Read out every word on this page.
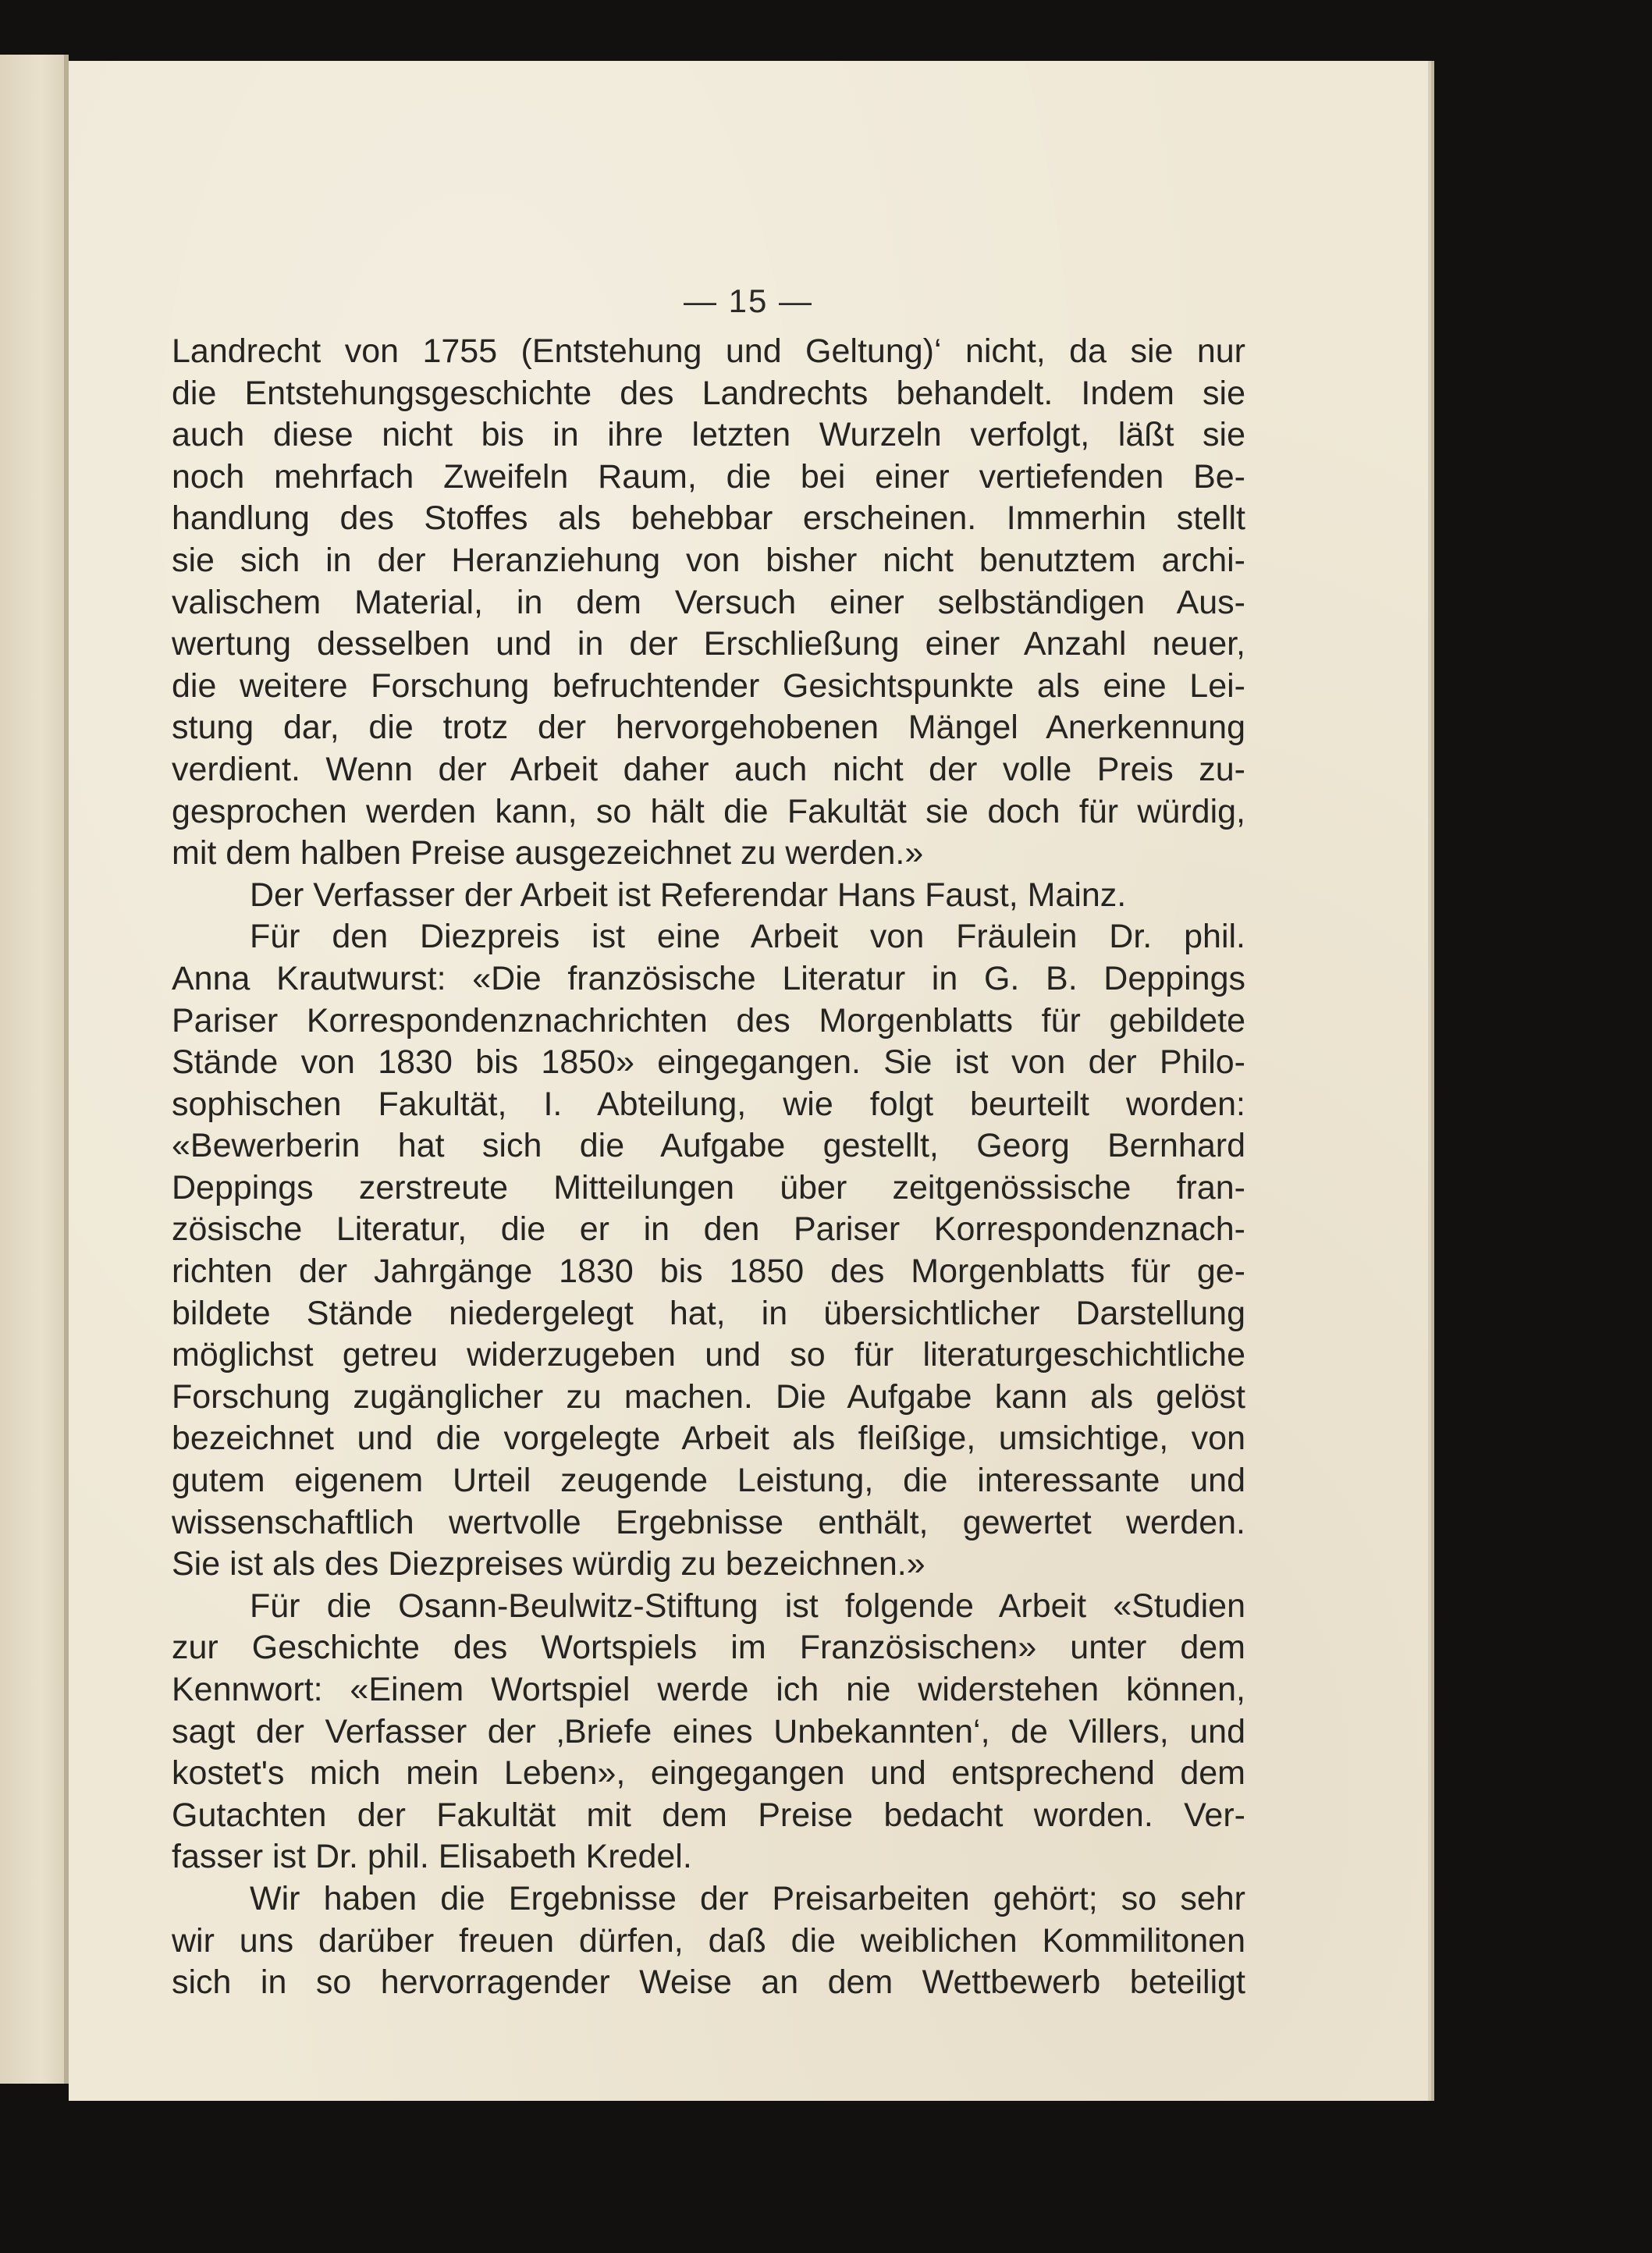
— 15 —

Landrecht von 1755 (Entstehung und Geltung)‘ nicht, da sie nur
die Entstehungsgeschichte des Landrechts behandelt. Indem sie
auch diese nicht bis in ihre letzten Wurzeln verfolgt, läßt sie
noch mehrfach Zweifeln Raum, die bei einer vertiefenden Be-
handlung des Stoffes als behebbar erscheinen. Immerhin stellt
sie sich in der Heranziehung von bisher nicht benutztem archi-
valischem Material, in dem Versuch einer selbständigen Aus-
wertung desselben und in der Erschließung einer Anzahl neuer,
die weitere Forschung befruchtender Gesichtspunkte als eine Lei-
stung dar, die trotz der hervorgehobenen Mängel Anerkennung
verdient. Wenn der Arbeit daher auch nicht der volle Preis zu-
gesprochen werden kann, so hält die Fakultät sie doch für würdig,
mit dem halben Preise ausgezeichnet zu werden.»

Der Verfasser der Arbeit ist Referendar Hans Faust, Mainz.

Für den Diezpreis ist eine Arbeit von Fräulein Dr. phil.
Anna Krautwurst: «Die französische Literatur in G. B. Deppings
Pariser Korrespondenznachrichten des Morgenblatts für gebildete
Stände von 1830 bis 1850» eingegangen. Sie ist von der Philo-
sophischen Fakultät, I. Abteilung, wie folgt beurteilt worden:
«Bewerberin hat sich die Aufgabe gestellt, Georg Bernhard
Deppings zerstreute Mitteilungen über zeitgenössische fran-
zösische Literatur, die er in den Pariser Korrespondenznach-
richten der Jahrgänge 1830 bis 1850 des Morgenblatts für ge-
bildete Stände niedergelegt hat, in übersichtlicher Darstellung
möglichst getreu widerzugeben und so für literaturgeschichtliche
Forschung zugänglicher zu machen. Die Aufgabe kann als gelöst
bezeichnet und die vorgelegte Arbeit als fleißige, umsichtige, von
gutem eigenem Urteil zeugende Leistung, die interessante und
wissenschaftlich wertvolle Ergebnisse enthält, gewertet werden.
Sie ist als des Diezpreises würdig zu bezeichnen.»

Für die Osann-Beulwitz-Stiftung ist folgende Arbeit «Studien
zur Geschichte des Wortspiels im Französischen» unter dem
Kennwort: «Einem Wortspiel werde ich nie widerstehen können,
sagt der Verfasser der ‚Briefe eines Unbekannten‘, de Villers, und
kostet's mich mein Leben», eingegangen und entsprechend dem
Gutachten der Fakultät mit dem Preise bedacht worden. Ver-
fasser ist Dr. phil. Elisabeth Kredel.

Wir haben die Ergebnisse der Preisarbeiten gehört; so sehr
wir uns darüber freuen dürfen, daß die weiblichen Kommilitonen
sich in so hervorragender Weise an dem Wettbewerb beteiligt
